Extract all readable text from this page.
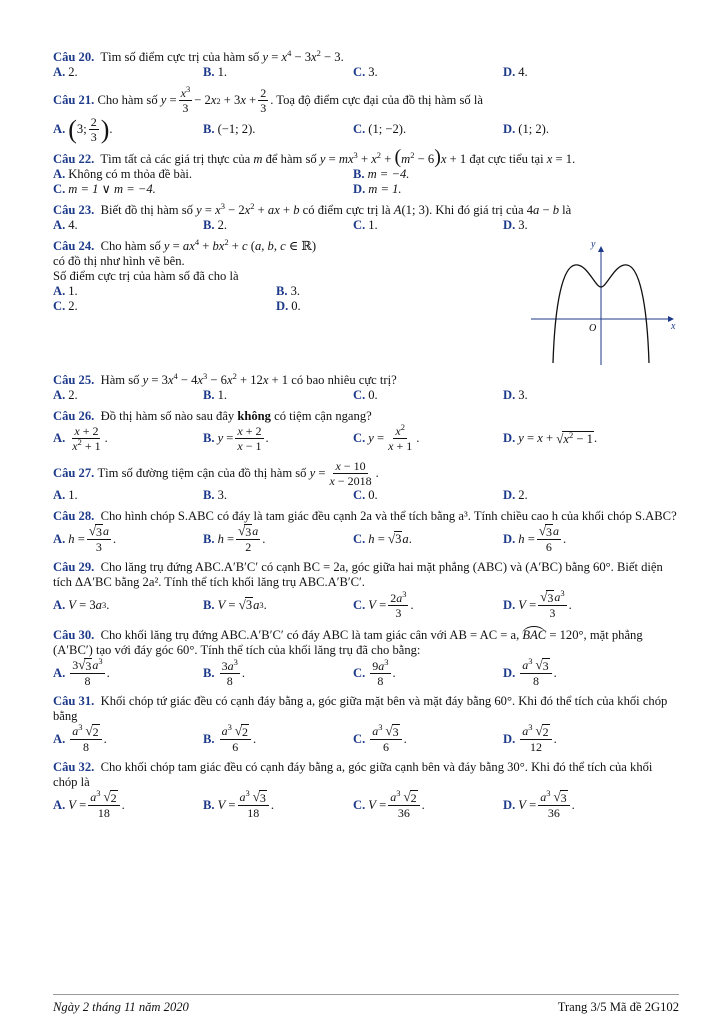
Câu 20. Tìm số điểm cực trị của hàm số $y = x^4 - 3x^2 - 3$.
A. 2.	B. 1.	C. 3.	D. 4.
Câu 21.
Cho hàm số
$y = \frac{x^3}{3} - 2$ x 2 + 3 $x + \frac{2}{3}$ . Toạ độ điểm cực đại của đồ thị hàm số là
A. ( 3; $\frac{2}{3}$ ) .	B. (−1; 2).	C. (1; −2).	D. (1; 2).
Câu 22. Tìm tất cả các giá trị thực của m để hàm số $y = mx^3 + x^2 + (m^2 - 6)x + 1$ đạt cực tiểu tại x = 1.
A. Không có m thỏa đề bài.	B. m = −4.
C. m = 1 ∨ m = −4.	D. m = 1.
Câu 23. Biết đồ thị hàm số $y = x^3 - 2x^2$ + ax + b có điểm cực trị là A(1; 3). Khi đó giá trị của 4a − b là
A. 4.	B. 2.	C. 1.	D. 3.
Câu 24. Cho hàm số $y = ax^4 + bx^2 + c$ (a, b, c ∈ ℝ)
có đồ thị như hình vẽ bên.
Số điểm cực trị của hàm số đã cho là
A. 1.	B. 3.
C. 2.	D. 0.
y
x
O
Câu 25. Hàm số $y = 3x^4 - 4x^3 - 6x^2 + 12x + 1$ có bao nhiêu cực trị?
A. 2.	B. 1.	C. 0.	D. 3.
Câu 26. Đồ thị hàm số nào sau đây không có tiệm cận ngang?
A. $\frac{x + 2}{x^2 + 1}$ .	B. $y = \frac{x + 2}{x - 1}$ .	C. $y = \frac{x^2}{x + 1}$ .	D. y = x + √ $x^2 - 1$ .
Câu 27.
Tìm số đường tiệm cận của đồ thị hàm số
$y = \frac{x - 10}{x - 2018}$ .
A. 1.	B. 3.	C. 0.	D. 2.
Câu 28. Cho hình chóp S.ABC có đáy là tam giác đều cạnh 2a và thể tích bằng a³. Tính chiều cao h của khối chóp S.ABC?
A. $h = \frac{√ 3 a}{3}$ .	B. $h = \frac{√ 3 a}{2}$ .	C. h = √ 3 a .	D. $h = \frac{√ 3 a}{6}$ .
Câu 29. Cho lăng trụ đứng ABC.A′B′C′ có cạnh BC = 2a, góc giữa hai mặt phẳng (ABC) và (A′BC) bằng 60°. Biết diện tích ΔA′BC bằng 2a². Tính thể tích khối lăng trụ ABC.A′B′C′.
A. V = 3 a 3 .	B. V = √ 3 a 3 .	C. $V = \frac{2a^3}{3}$ .	D. $V = \frac{√ 3 a^3}{3}$ .
Câu 30. Cho khối lăng trụ đứng ABC.A′B′C′ có đáy ABC là tam giác cân với AB = AC = a, BAC = 120°, mặt phẳng (A′BC′) tạo với đáy góc 60°. Tính thể tích của khối lăng trụ đã cho bằng:
A. $\frac{3 √ 3 a^3}{8}$ .	B. $\frac{3a^3}{8}$ .	C. $\frac{9a^3}{8}$ .	D. $\frac{a^3 √ 3}{8}$ .
Câu 31. Khối chóp tứ giác đều có cạnh đáy bằng a, góc giữa mặt bên và mặt đáy bằng 60°. Khi đó thể tích của khối chóp bằng
A. $\frac{a^3 √ 2}{8}$ .	B. $\frac{a^3 √ 2}{6}$ .	C. $\frac{a^3 √ 3}{6}$ .	D. $\frac{a^3 √ 2}{12}$ .
Câu 32. Cho khối chóp tam giác đều có cạnh đáy bằng a, góc giữa cạnh bên và đáy bằng 30°. Khi đó thể tích của khối chóp là
A. $V = \frac{a^3 √ 2}{18}$ .	B. $V = \frac{a^3 √ 3}{18}$ .	C. $V = \frac{a^3 √ 2}{36}$ .	D. $V = \frac{a^3 √ 3}{36}$ .
Ngày 2 tháng 11 năm 2020	Trang 3/5 Mã đề 2G102
